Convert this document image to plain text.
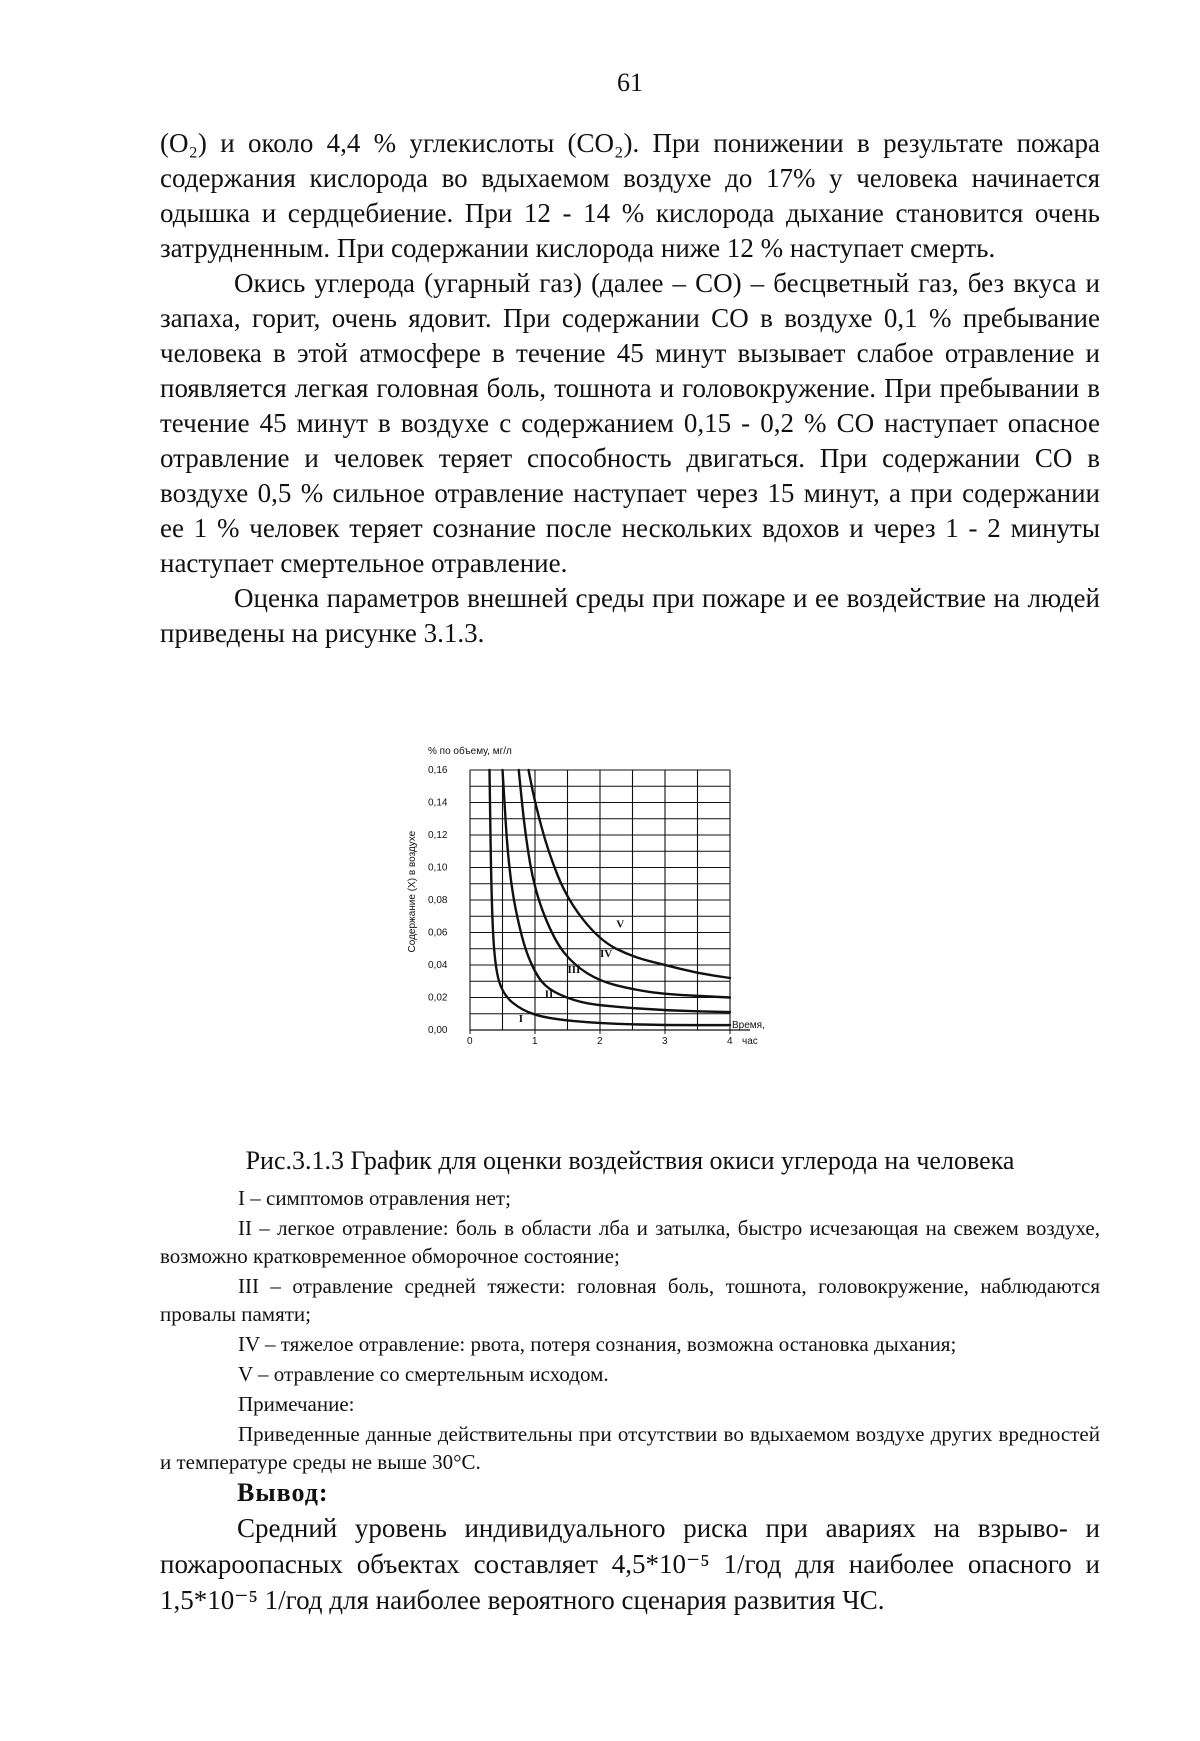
61

(O₂) и около 4,4 % углекислоты (CO₂). При понижении в результате пожара содержания кислорода во вдыхаемом воздухе до 17% у человека начинается одышка и сердцебиение. При 12 - 14 % кислорода дыхание становится очень затрудненным. При содержании кислорода ниже 12 % наступает смерть.

Окись углерода (угарный газ) (далее – CO) – бесцветный газ, без вкуса и запаха, горит, очень ядовит. При содержании CO в воздухе 0,1 % пребывание человека в этой атмосфере в течение 45 минут вызывает слабое отравление и появляется легкая головная боль, тошнота и головокружение. При пребывании в течение 45 минут в воздухе с содержанием 0,15 - 0,2 % CO наступает опасное отравление и человек теряет способность двигаться. При содержании CO в воздухе 0,5 % сильное отравление наступает через 15 минут, а при содержании ее 1 % человек теряет сознание после нескольких вдохов и через 1 - 2 минуты наступает смертельное отравление.

Оценка параметров внешней среды при пожаре и ее воздействие на людей приведены на рисунке 3.1.3.

% по объему, мг/л
Содержание (X) в воздухе
0,16
0,14
0,12
0,10
0,08
0,06
0,04
0,02
0,00
0	1	2	3	4
I
II
III
IV
V
Время,
час
Рис.3.1.3 График для оценки воздействия окиси углерода на человека

I – симптомов отравления нет;

II – легкое отравление: боль в области лба и затылка, быстро исчезающая на свежем воздухе, возможно кратковременное обморочное состояние;

III – отравление средней тяжести: головная боль, тошнота, головокружение, наблюдаются провалы памяти;

IV – тяжелое отравление: рвота, потеря сознания, возможна остановка дыхания;

V – отравление со смертельным исходом.

Примечание:

Приведенные данные действительны при отсутствии во вдыхаемом воздухе других вредностей и температуре среды не выше 30°С.

Вывод:
Средний уровень индивидуального риска при авариях на взрыво- и пожароопасных объектах составляет 4,5*10⁻⁵ 1/год для наиболее опасного и 1,5*10⁻⁵ 1/год для наиболее вероятного сценария развития ЧС.
